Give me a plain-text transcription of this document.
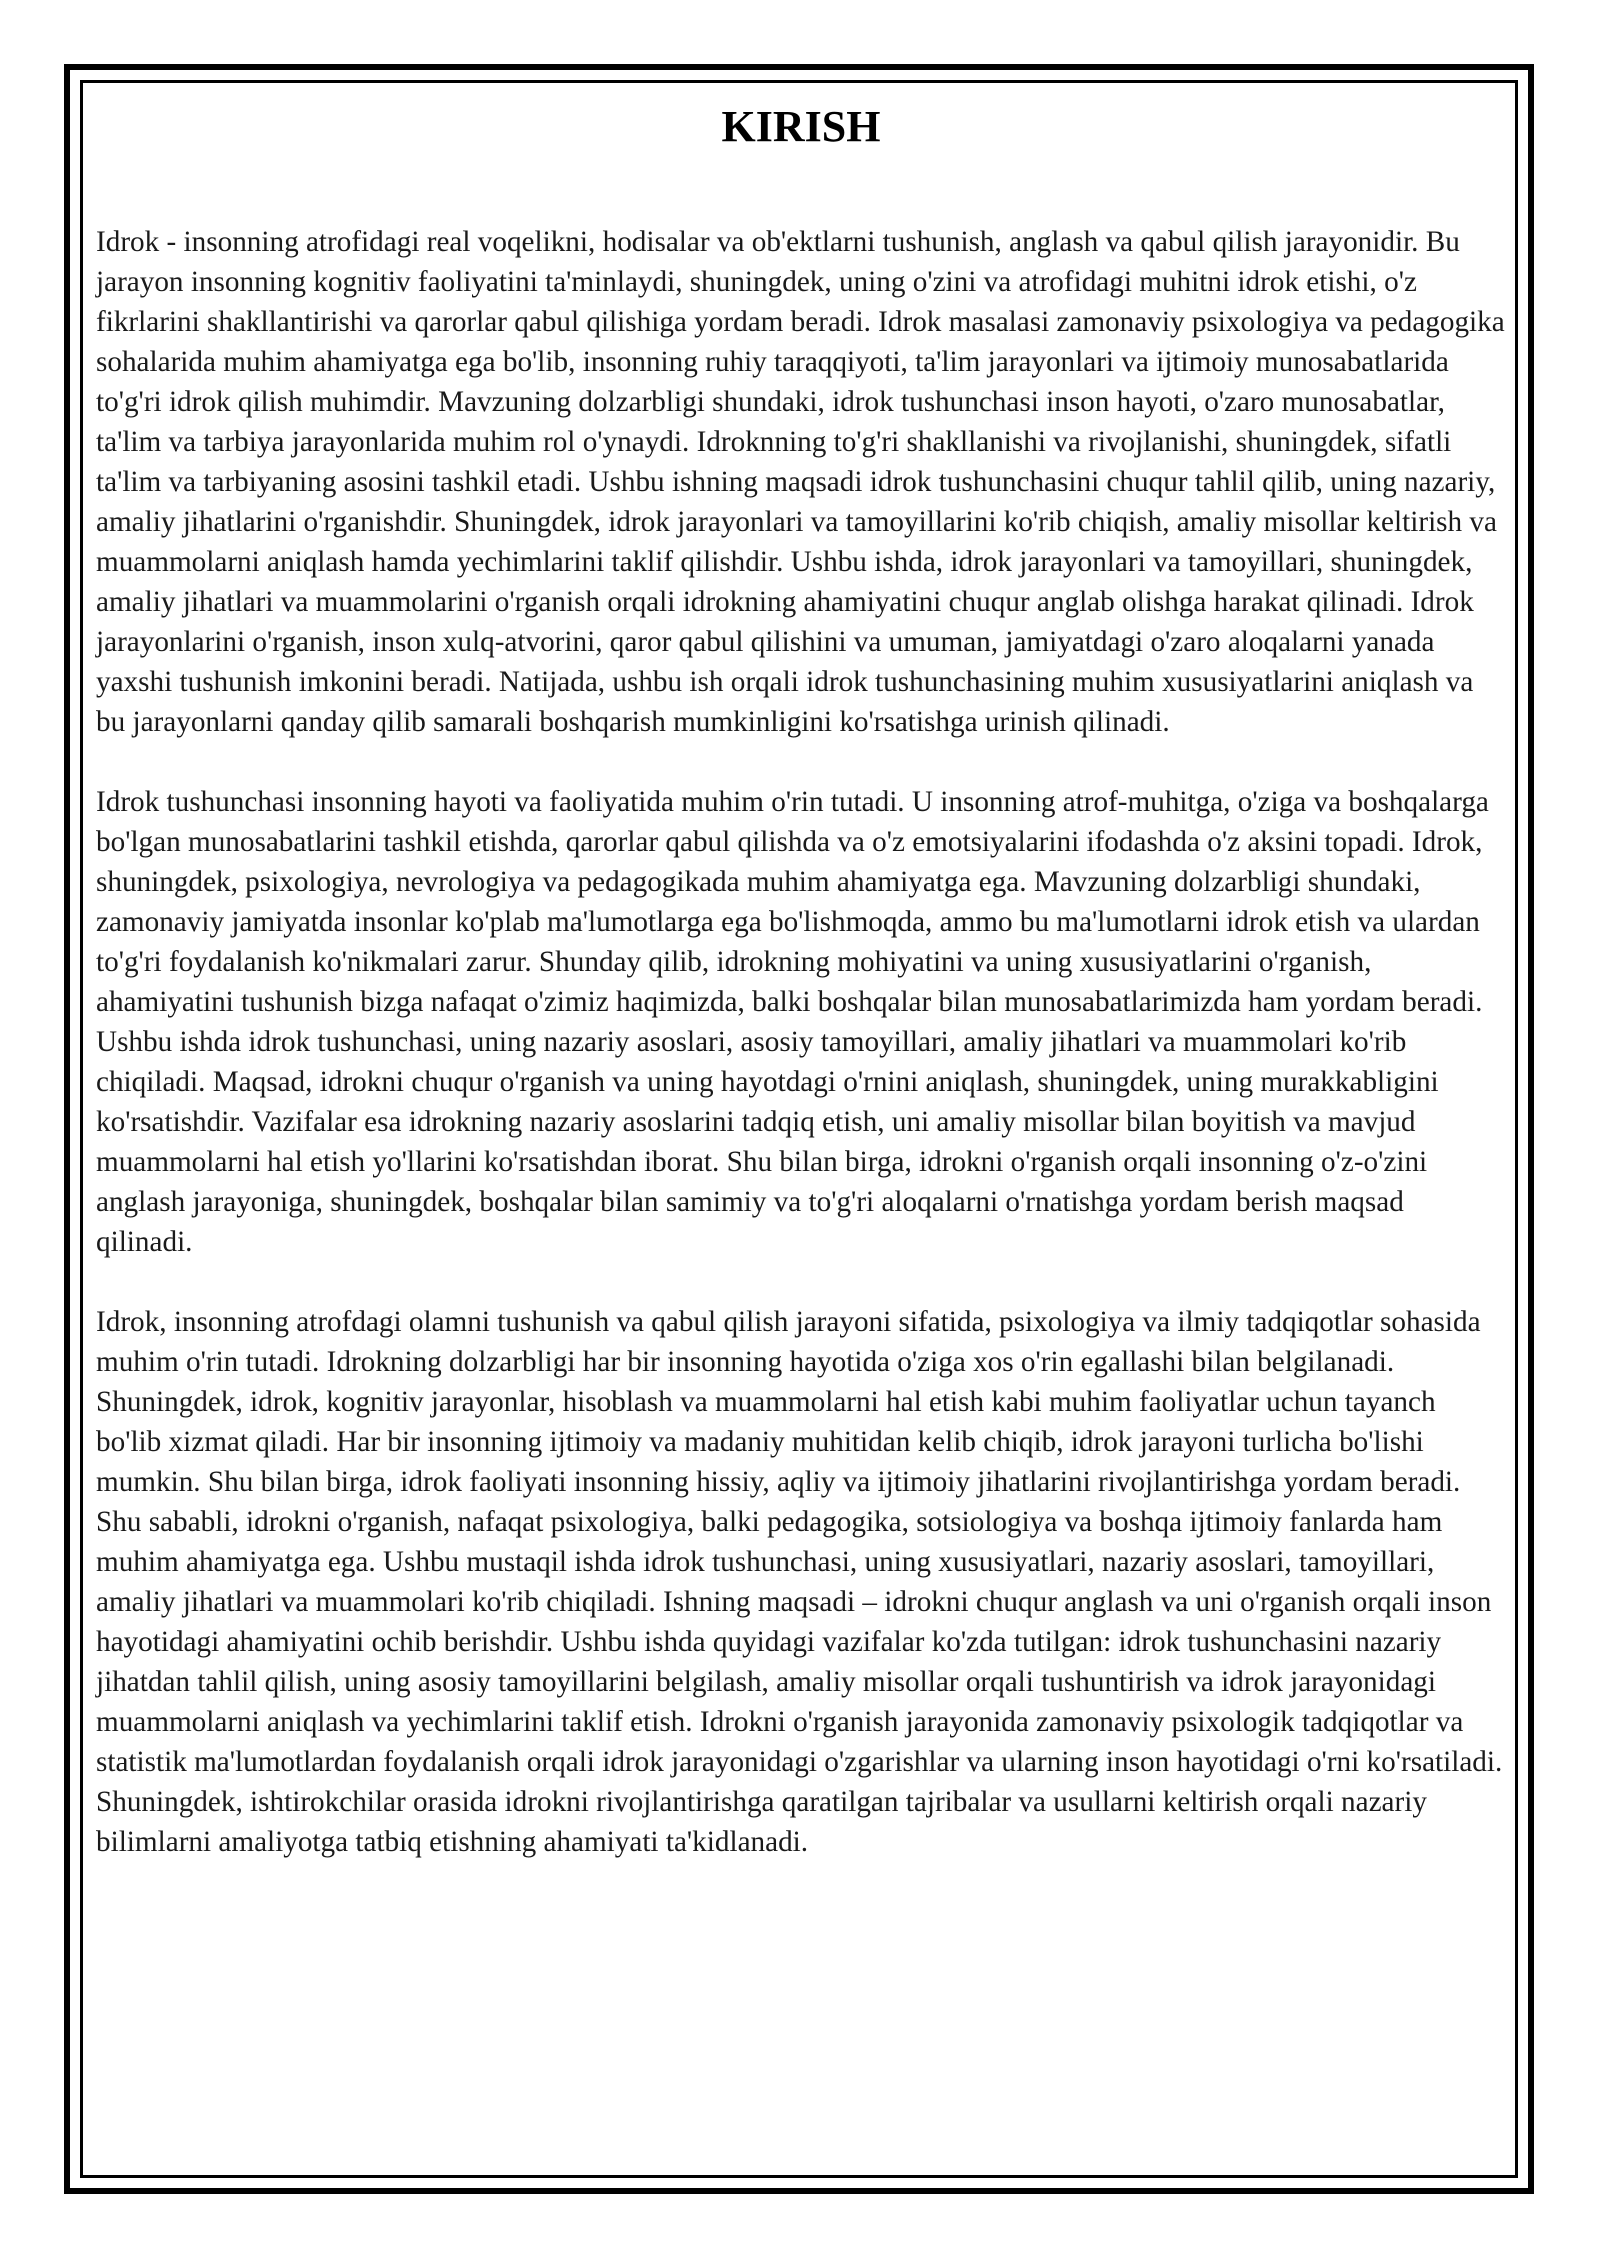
KIRISH

Idrok - insonning atrofidagi real voqelikni, hodisalar va ob'ektlarni tushunish, anglash va qabul qilish jarayonidir. Bu jarayon insonning kognitiv faoliyatini ta'minlaydi, shuningdek, uning o'zini va atrofidagi muhitni idrok etishi, o'z fikrlarini shakllantirishi va qarorlar qabul qilishiga yordam beradi. Idrok masalasi zamonaviy psixologiya va pedagogika sohalarida muhim ahamiyatga ega bo'lib, insonning ruhiy taraqqiyoti, ta'lim jarayonlari va ijtimoiy munosabatlarida to'g'ri idrok qilish muhimdir. Mavzuning dolzarbligi shundaki, idrok tushunchasi inson hayoti, o'zaro munosabatlar, ta'lim va tarbiya jarayonlarida muhim rol o'ynaydi. Idroknning to'g'ri shakllanishi va rivojlanishi, shuningdek, sifatli ta'lim va tarbiyaning asosini tashkil etadi. Ushbu ishning maqsadi idrok tushunchasini chuqur tahlil qilib, uning nazariy, amaliy jihatlarini o'rganishdir. Shuningdek, idrok jarayonlari va tamoyillarini ko'rib chiqish, amaliy misollar keltirish va muammolarni aniqlash hamda yechimlarini taklif qilishdir. Ushbu ishda, idrok jarayonlari va tamoyillari, shuningdek, amaliy jihatlari va muammolarini o'rganish orqali idrokning ahamiyatini chuqur anglab olishga harakat qilinadi. Idrok jarayonlarini o'rganish, inson xulq-atvorini, qaror qabul qilishini va umuman, jamiyatdagi o'zaro aloqalarni yanada yaxshi tushunish imkonini beradi. Natijada, ushbu ish orqali idrok tushunchasining muhim xususiyatlarini aniqlash va bu jarayonlarni qanday qilib samarali boshqarish mumkinligini ko'rsatishga urinish qilinadi.

Idrok tushunchasi insonning hayoti va faoliyatida muhim o'rin tutadi. U insonning atrof-muhitga, o'ziga va boshqalarga bo'lgan munosabatlarini tashkil etishda, qarorlar qabul qilishda va o'z emotsiyalarini ifodashda o'z aksini topadi. Idrok, shuningdek, psixologiya, nevrologiya va pedagogikada muhim ahamiyatga ega. Mavzuning dolzarbligi shundaki, zamonaviy jamiyatda insonlar ko'plab ma'lumotlarga ega bo'lishmoqda, ammo bu ma'lumotlarni idrok etish va ulardan to'g'ri foydalanish ko'nikmalari zarur. Shunday qilib, idrokning mohiyatini va uning xususiyatlarini o'rganish, ahamiyatini tushunish bizga nafaqat o'zimiz haqimizda, balki boshqalar bilan munosabatlarimizda ham yordam beradi. Ushbu ishda idrok tushunchasi, uning nazariy asoslari, asosiy tamoyillari, amaliy jihatlari va muammolari ko'rib chiqiladi. Maqsad, idrokni chuqur o'rganish va uning hayotdagi o'rnini aniqlash, shuningdek, uning murakkabligini ko'rsatishdir. Vazifalar esa idrokning nazariy asoslarini tadqiq etish, uni amaliy misollar bilan boyitish va mavjud muammolarni hal etish yo'llarini ko'rsatishdan iborat. Shu bilan birga, idrokni o'rganish orqali insonning o'z-o'zini anglash jarayoniga, shuningdek, boshqalar bilan samimiy va to'g'ri aloqalarni o'rnatishga yordam berish maqsad qilinadi.

Idrok, insonning atrofdagi olamni tushunish va qabul qilish jarayoni sifatida, psixologiya va ilmiy tadqiqotlar sohasida muhim o'rin tutadi. Idrokning dolzarbligi har bir insonning hayotida o'ziga xos o'rin egallashi bilan belgilanadi. Shuningdek, idrok, kognitiv jarayonlar, hisoblash va muammolarni hal etish kabi muhim faoliyatlar uchun tayanch bo'lib xizmat qiladi. Har bir insonning ijtimoiy va madaniy muhitidan kelib chiqib, idrok jarayoni turlicha bo'lishi mumkin. Shu bilan birga, idrok faoliyati insonning hissiy, aqliy va ijtimoiy jihatlarini rivojlantirishga yordam beradi. Shu sababli, idrokni o'rganish, nafaqat psixologiya, balki pedagogika, sotsiologiya va boshqa ijtimoiy fanlarda ham muhim ahamiyatga ega. Ushbu mustaqil ishda idrok tushunchasi, uning xususiyatlari, nazariy asoslari, tamoyillari, amaliy jihatlari va muammolari ko'rib chiqiladi. Ishning maqsadi – idrokni chuqur anglash va uni o'rganish orqali inson hayotidagi ahamiyatini ochib berishdir. Ushbu ishda quyidagi vazifalar ko'zda tutilgan: idrok tushunchasini nazariy jihatdan tahlil qilish, uning asosiy tamoyillarini belgilash, amaliy misollar orqali tushuntirish va idrok jarayonidagi muammolarni aniqlash va yechimlarini taklif etish. Idrokni o'rganish jarayonida zamonaviy psixologik tadqiqotlar va statistik ma'lumotlardan foydalanish orqali idrok jarayonidagi o'zgarishlar va ularning inson hayotidagi o'rni ko'rsatiladi. Shuningdek, ishtirokchilar orasida idrokni rivojlantirishga qaratilgan tajribalar va usullarni keltirish orqali nazariy bilimlarni amaliyotga tatbiq etishning ahamiyati ta'kidlanadi.
